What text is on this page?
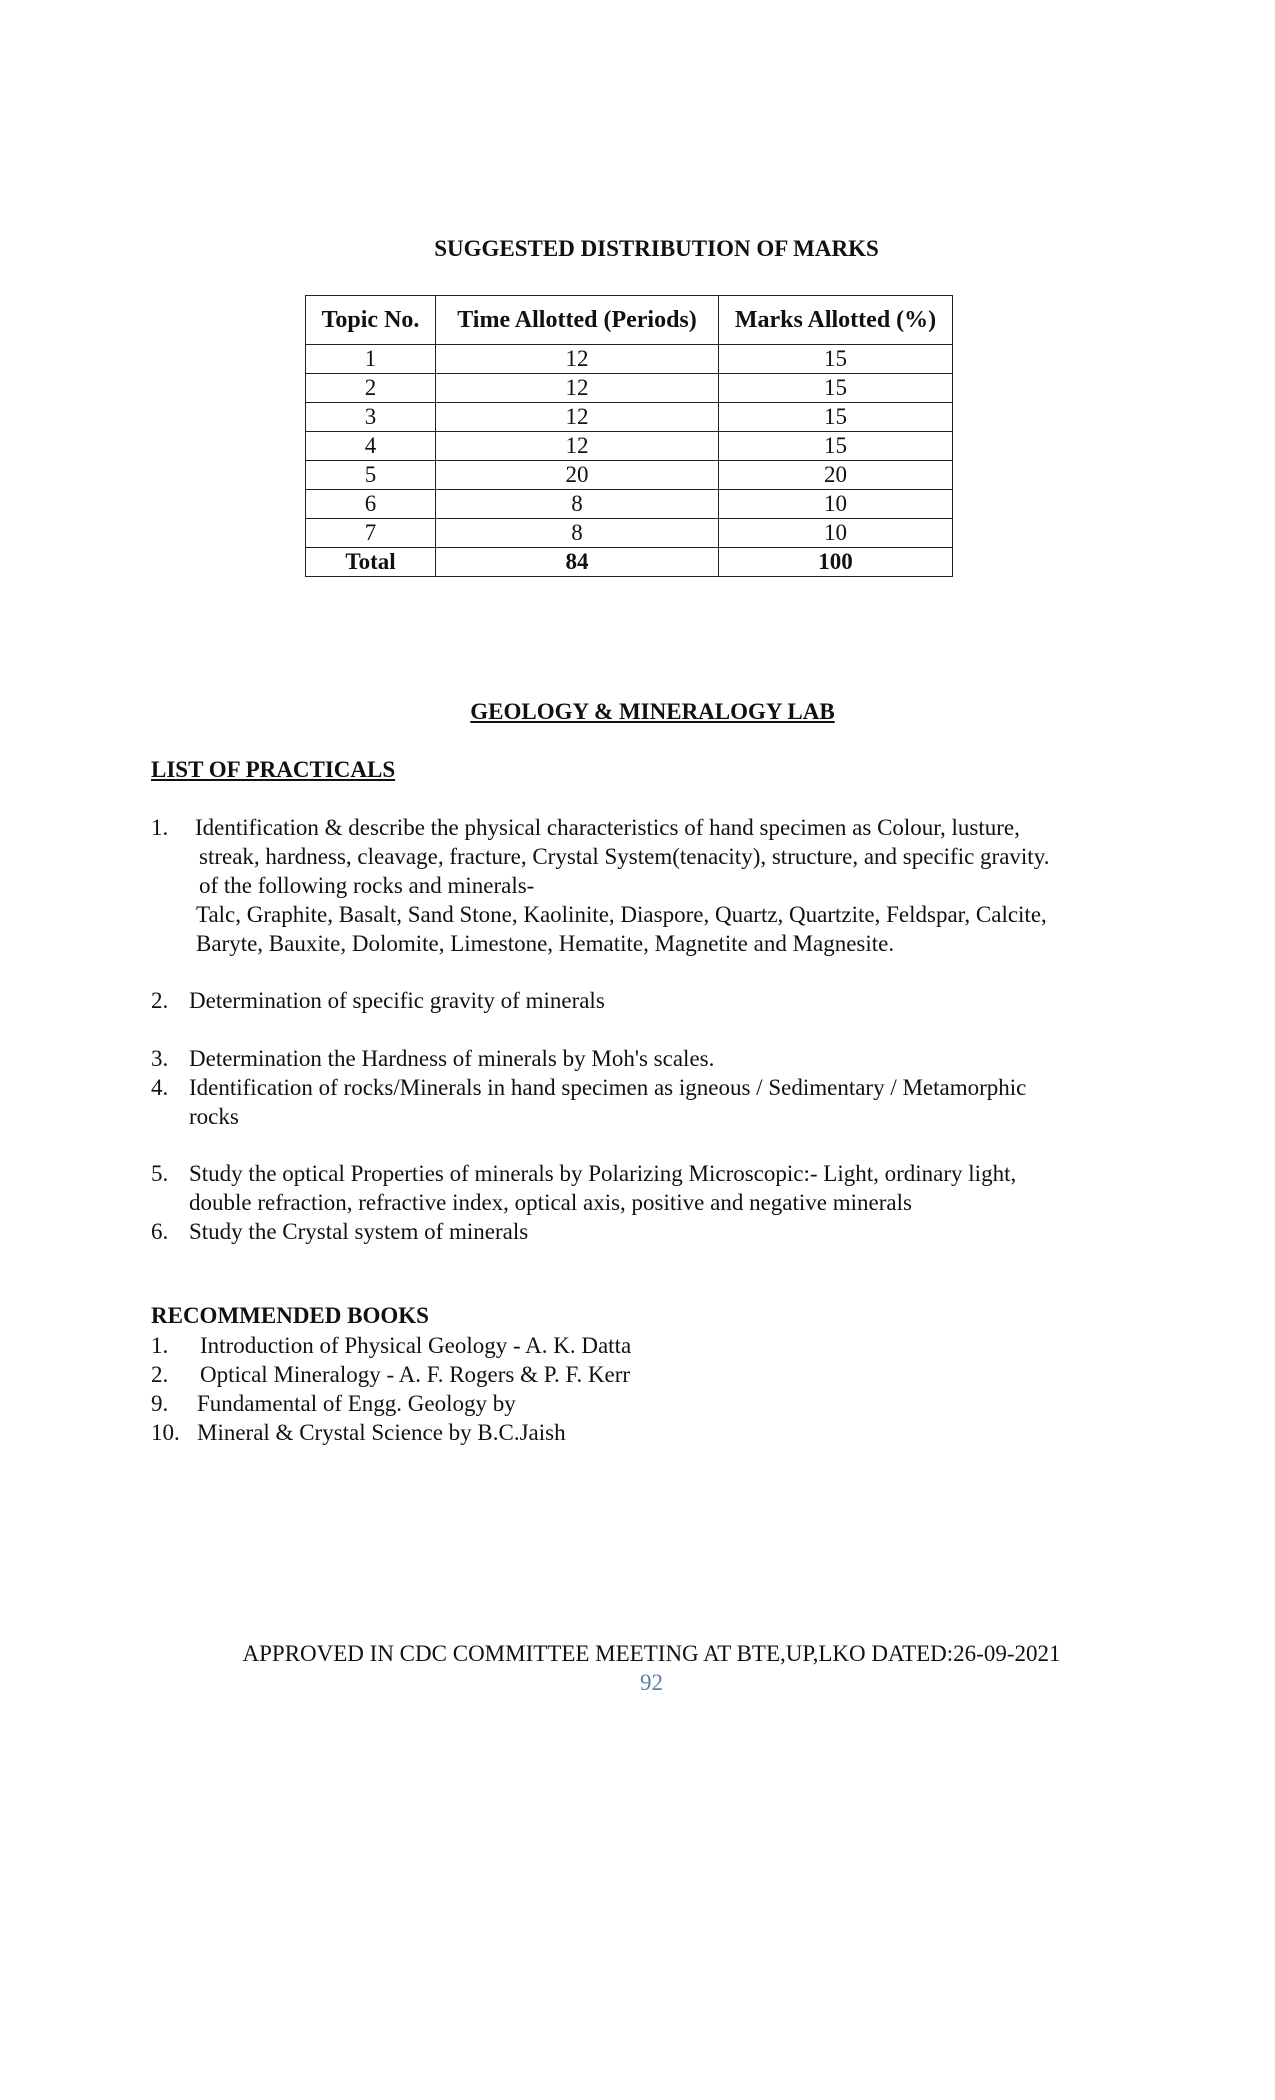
SUGGESTED DISTRIBUTION OF MARKS
Topic No.	Time Allotted (Periods)	Marks Allotted (%)
1	12	15
2	12	15
3	12	15
4	12	15
5	20	20
6	8	10
7	8	10
Total	84	100
GEOLOGY & MINERALOGY LAB
LIST OF PRACTICALS
1. Identification & describe the physical characteristics of hand specimen as Colour, lusture,
streak, hardness, cleavage, fracture, Crystal System(tenacity), structure, and specific gravity.
of the following rocks and minerals-
Talc, Graphite, Basalt, Sand Stone, Kaolinite, Diaspore, Quartz, Quartzite, Feldspar, Calcite,
Baryte, Bauxite, Dolomite, Limestone, Hematite, Magnetite and Magnesite.
2. Determination of specific gravity of minerals
3. Determination the Hardness of minerals by Moh's scales.
4. Identification of rocks/Minerals in hand specimen as igneous / Sedimentary / Metamorphic
rocks
5. Study the optical Properties of minerals by Polarizing Microscopic:- Light, ordinary light,
double refraction, refractive index, optical axis, positive and negative minerals
6. Study the Crystal system of minerals
RECOMMENDED BOOKS
1. Introduction of Physical Geology - A. K. Datta
2. Optical Mineralogy - A. F. Rogers & P. F. Kerr
9. Fundamental of Engg. Geology by
10. Mineral & Crystal Science by B.C.Jaish
APPROVED IN CDC COMMITTEE MEETING AT BTE,UP,LKO DATED:26-09-2021
92
